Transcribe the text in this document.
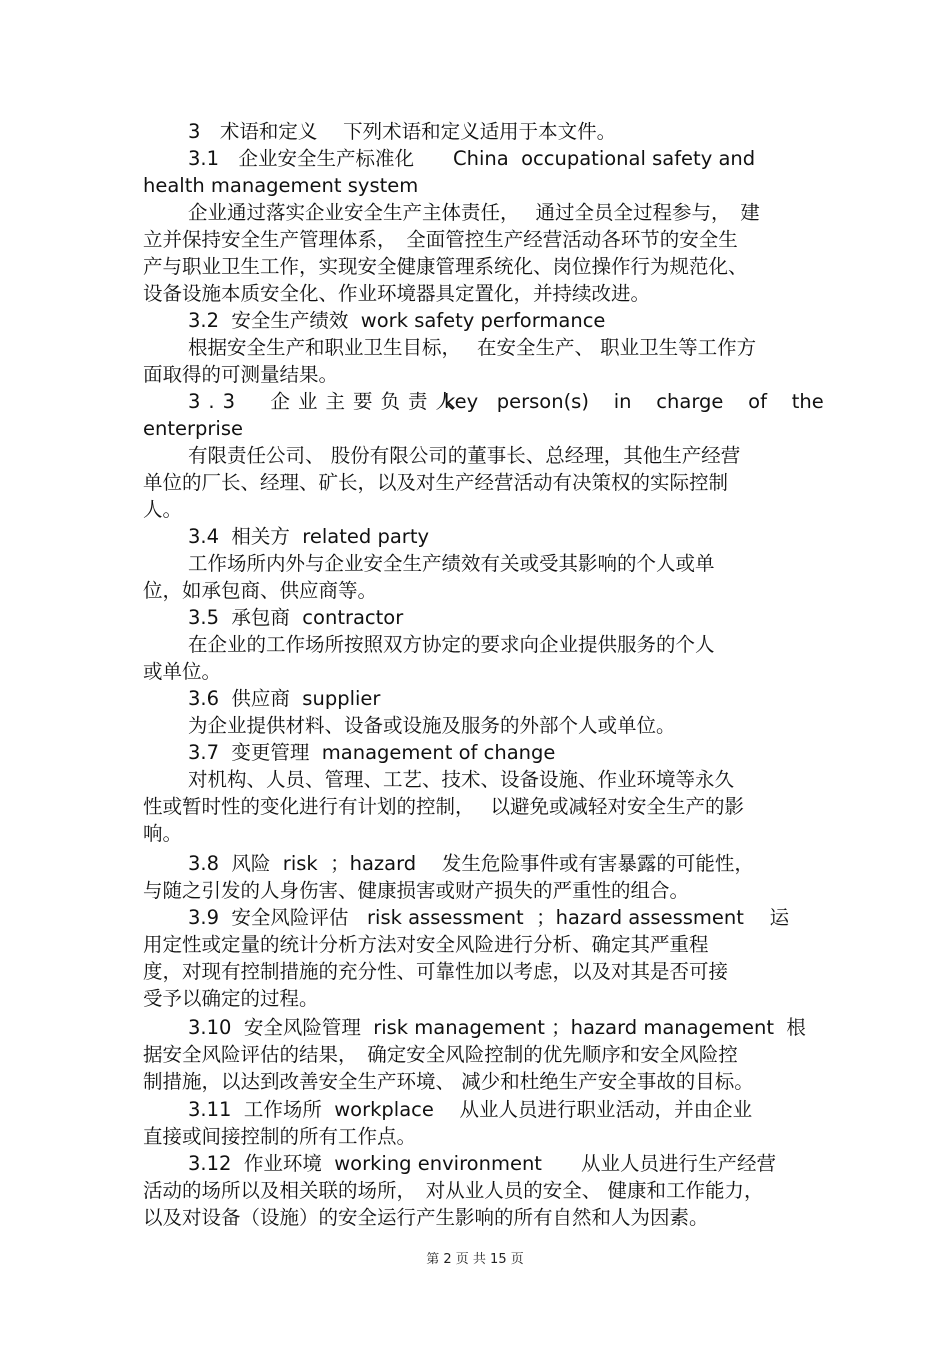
3　术语和定义　 下列术语和定义适用于本文件。
3.1　企业安全生产标准化　　China  occupational safety and
health management system
企业通过落实企业安全生产主体责任，　 通过全员全过程参与，　建
立并保持安全生产管理体系，　全面管控生产经营活动各环节的安全生
产与职业卫生工作，实现安全健康管理系统化、岗位操作行为规范化、
设备设施本质安全化、作业环境器具定置化，并持续改进。
3.2  安全生产绩效  work safety performance
根据安全生产和职业卫生目标，　 在安全生产、 职业卫生等工作方
面取得的可测量结果。
3.3　企业主要负责人
key   person(s)    in    charge    of    the
enterprise
有限责任公司、 股份有限公司的董事长、总经理，其他生产经营
单位的厂长、经理、矿长，以及对生产经营活动有决策权的实际控制
人。
3.4  相关方  related party
工作场所内外与企业安全生产绩效有关或受其影响的个人或单
位，如承包商、供应商等。
3.5  承包商  contractor
在企业的工作场所按照双方协定的要求向企业提供服务的个人
或单位。
3.6  供应商  supplier
为企业提供材料、设备或设施及服务的外部个人或单位。
3.7  变更管理  management of change
对机构、人员、管理、工艺、技术、设备设施、作业环境等永久
性或暂时性的变化进行有计划的控制，　 以避免或减轻对安全生产的影
响。
3.8  风险  risk  ；hazard　 发生危险事件或有害暴露的可能性，
与随之引发的人身伤害、健康损害或财产损失的严重性的组合。
3.9  安全风险评估   risk assessment  ；hazard assessment　 运
用定性或定量的统计分析方法对安全风险进行分析、确定其严重程
度，对现有控制措施的充分性、可靠性加以考虑，以及对其是否可接
受予以确定的过程。
3.10  安全风险管理  risk management ；hazard management  根
据安全风险评估的结果，　确定安全风险控制的优先顺序和安全风险控
制措施，以达到改善安全生产环境、 减少和杜绝生产安全事故的目标。
3.11  工作场所  workplace　 从业人员进行职业活动，并由企业
直接或间接控制的所有工作点。
3.12  作业环境  working environment　　从业人员进行生产经营
活动的场所以及相关联的场所，　对从业人员的安全、 健康和工作能力，
以及对设备（设施）的安全运行产生影响的所有自然和人为因素。
第 2 页 共 15 页
